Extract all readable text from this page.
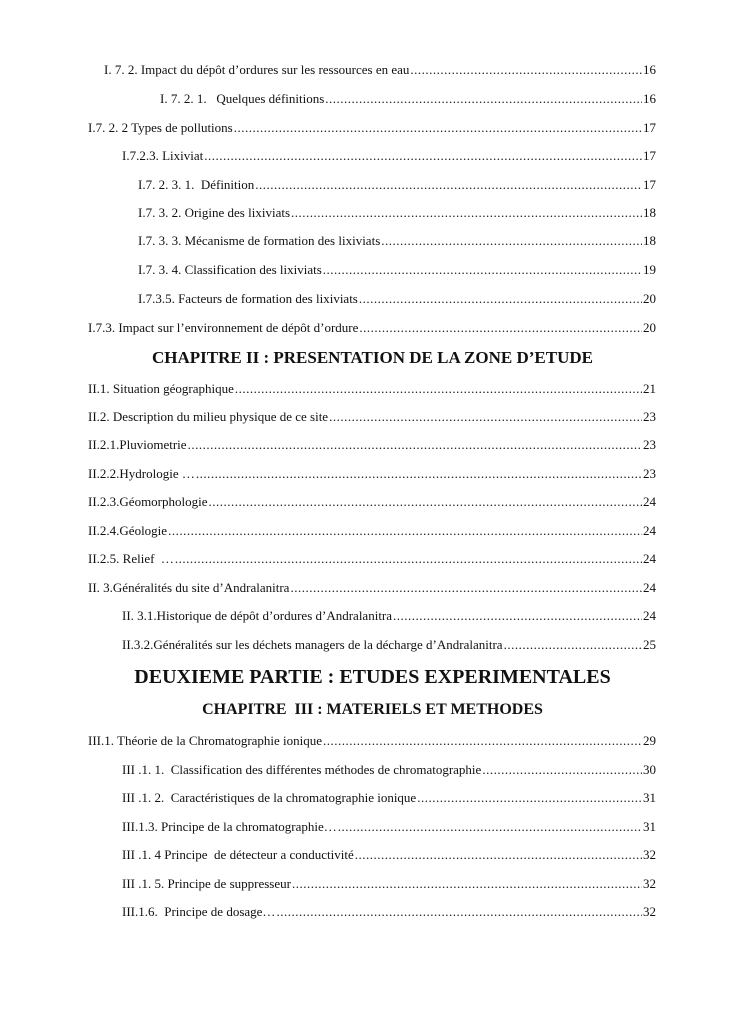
I. 7. 2. Impact du dépôt d’ordures sur les ressources en eau .....	16
I. 7. 2. 1.   Quelques définitions .....	16
I.7. 2. 2 Types de pollutions .....	17
I.7.2.3. Lixiviat .....	17
I.7. 2. 3. 1.  Définition .....	17
I.7. 3. 2. Origine des lixiviats .....	18
I.7. 3. 3. Mécanisme de formation des lixiviats .....	18
I.7. 3. 4. Classification des lixiviats .....	19
I.7.3.5. Facteurs de formation des lixiviats .....	20
I.7.3. Impact sur l’environnement de dépôt d’ordure .....	20
CHAPITRE II : PRESENTATION DE LA ZONE D’ETUDE
II.1. Situation géographique .....	21
II.2. Description du milieu physique de ce site .....	23
II.2.1.Pluviometrie .....	23
II.2.2.Hydrologie … .....	23
II.2.3.Géomorphologie .....	24
II.2.4.Géologie .....	24
II.2.5. Relief  … .....	24
II. 3.Généralités du site d’Andralanitra .....	24
II. 3.1.Historique de dépôt d’ordures d’Andralanitra .....	24
II.3.2.Généralités sur les déchets managers de la décharge d’Andralanitra .....	25
DEUXIEME PARTIE : ETUDES EXPERIMENTALES
CHAPITRE  III : MATERIELS ET METHODES
III.1. Théorie de la Chromatographie ionique .....	29
III .1. 1.  Classification des différentes méthodes de chromatographie .....	30
III .1. 2.  Caractéristiques de la chromatographie ionique .....	31
III.1.3. Principe de la chromatographie… .....	31
III .1. 4 Principe  de détecteur a conductivité .....	32
III .1. 5. Principe de suppresseur .....	32
III.1.6.  Principe de dosage… .....	32
